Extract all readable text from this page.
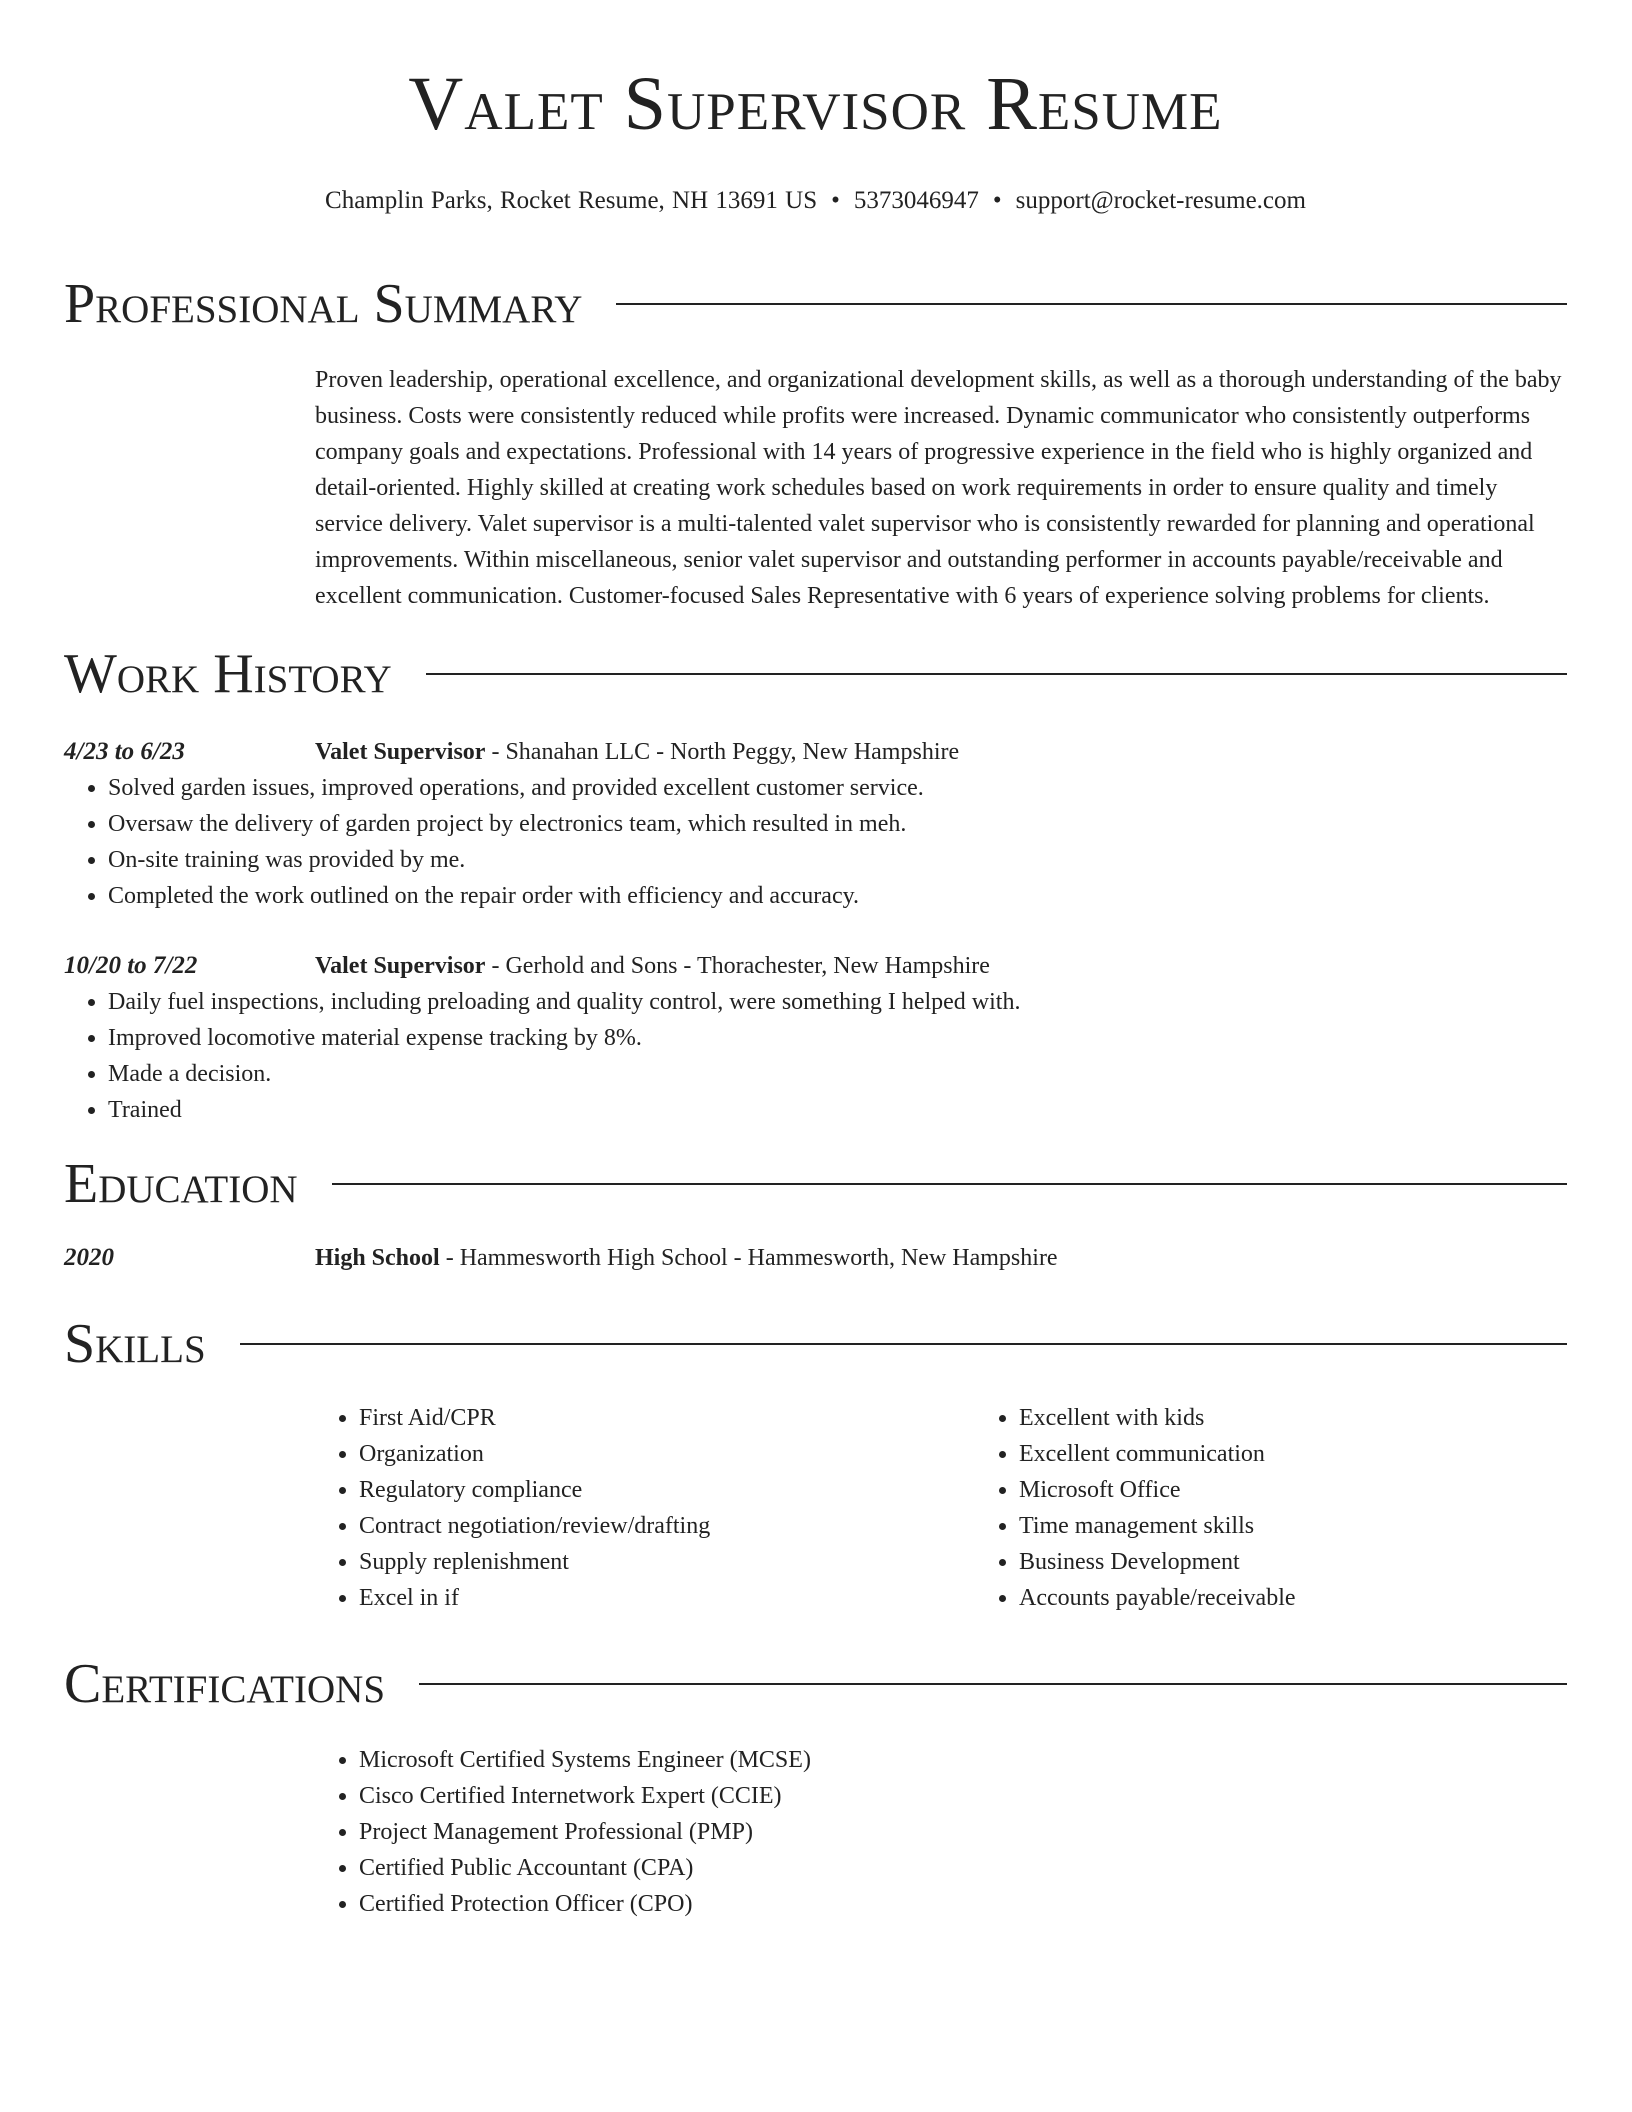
Valet Supervisor Resume
Champlin Parks, Rocket Resume, NH 13691 US • 5373046947 • support@rocket-resume.com
Professional Summary
Proven leadership, operational excellence, and organizational development skills, as well as a thorough understanding of the baby business. Costs were consistently reduced while profits were increased. Dynamic communicator who consistently outperforms company goals and expectations. Professional with 14 years of progressive experience in the field who is highly organized and detail-oriented. Highly skilled at creating work schedules based on work requirements in order to ensure quality and timely service delivery. Valet supervisor is a multi-talented valet supervisor who is consistently rewarded for planning and operational improvements. Within miscellaneous, senior valet supervisor and outstanding performer in accounts payable/receivable and excellent communication. Customer-focused Sales Representative with 6 years of experience solving problems for clients.
Work History
4/23 to 6/23	Valet Supervisor - Shanahan LLC - North Peggy, New Hampshire
• Solved garden issues, improved operations, and provided excellent customer service.
• Oversaw the delivery of garden project by electronics team, which resulted in meh.
• On-site training was provided by me.
• Completed the work outlined on the repair order with efficiency and accuracy.
10/20 to 7/22	Valet Supervisor - Gerhold and Sons - Thorachester, New Hampshire
• Daily fuel inspections, including preloading and quality control, were something I helped with.
• Improved locomotive material expense tracking by 8%.
• Made a decision.
• Trained
Education
2020	High School - Hammesworth High School - Hammesworth, New Hampshire
Skills
• First Aid/CPR
• Organization
• Regulatory compliance
• Contract negotiation/review/drafting
• Supply replenishment
• Excel in if
• Excellent with kids
• Excellent communication
• Microsoft Office
• Time management skills
• Business Development
• Accounts payable/receivable
Certifications
• Microsoft Certified Systems Engineer (MCSE)
• Cisco Certified Internetwork Expert (CCIE)
• Project Management Professional (PMP)
• Certified Public Accountant (CPA)
• Certified Protection Officer (CPO)
